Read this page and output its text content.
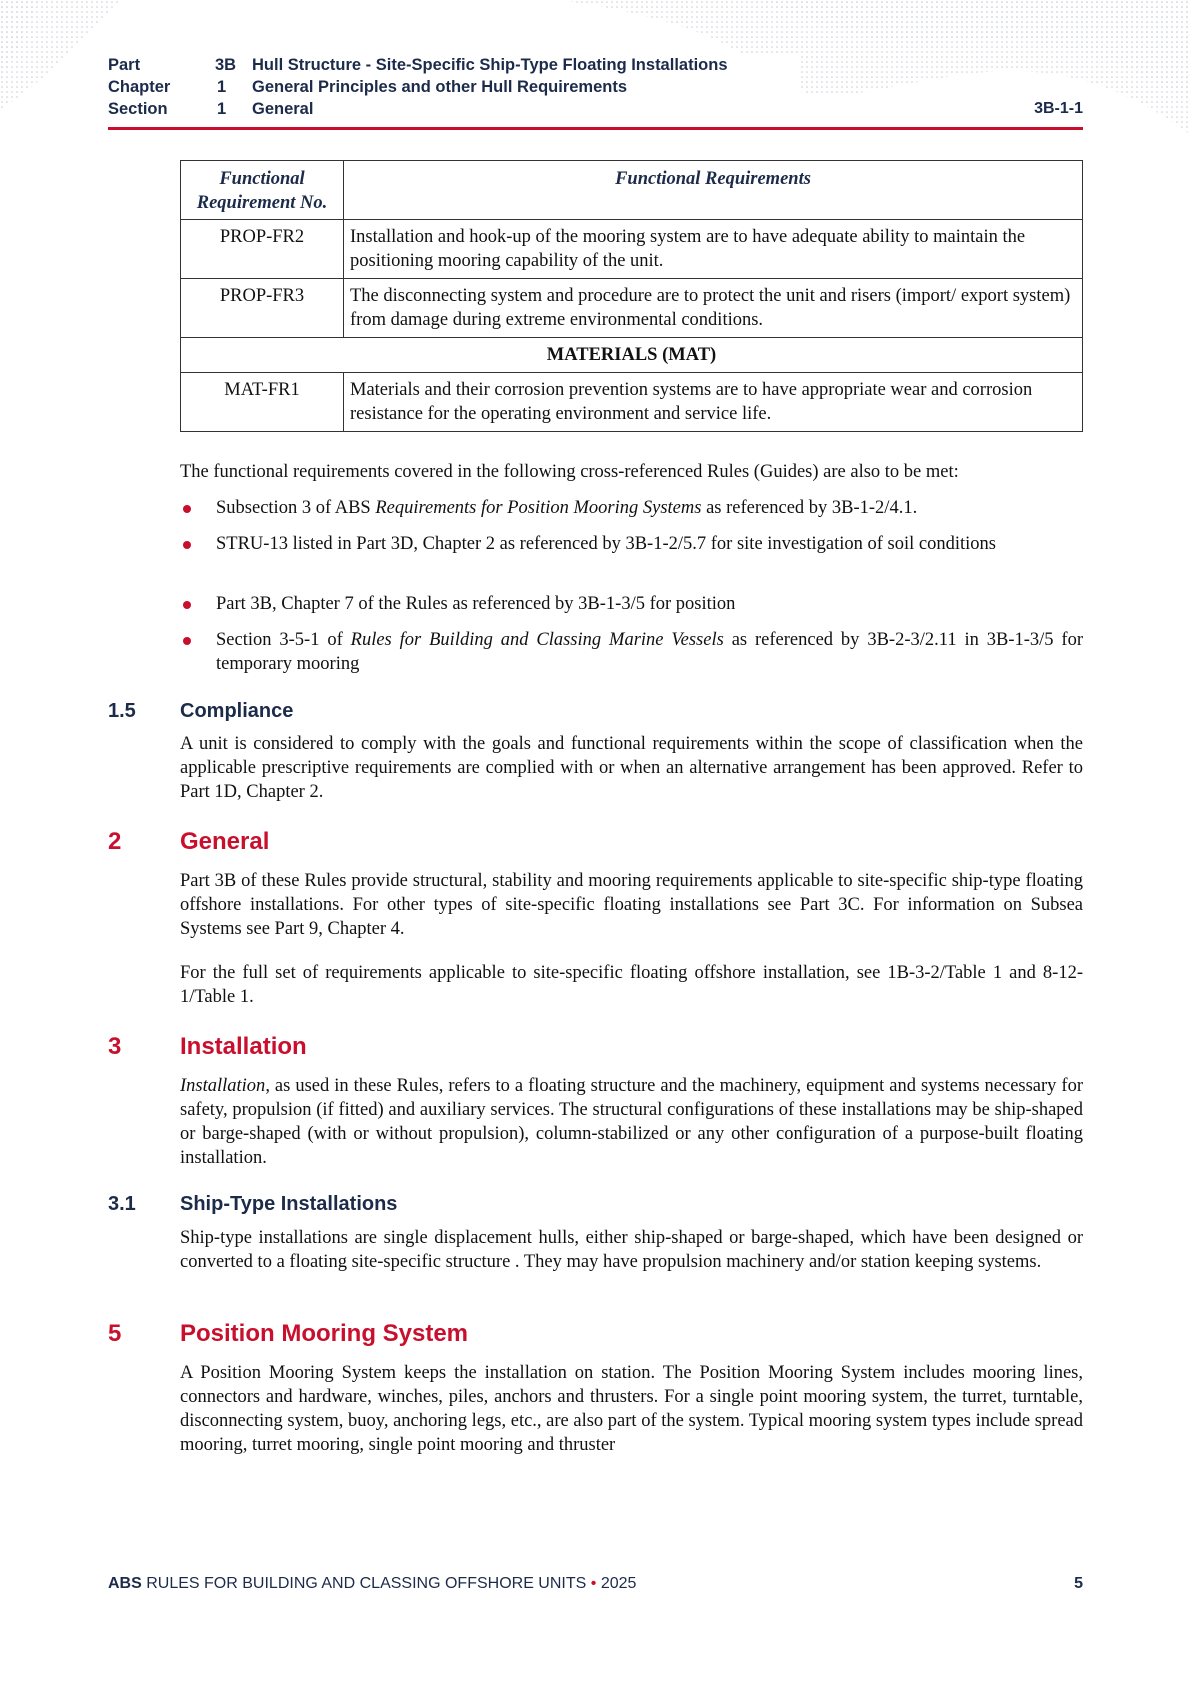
Part	3B Hull Structure - Site-Specific Ship-Type Floating Installations
Chapter	1 General Principles and other Hull Requirements
Section	1 General	3B-1-1
Functional Requirement No.	Functional Requirements
PROP-FR2	Installation and hook-up of the mooring system are to have adequate ability to maintain the positioning mooring capability of the unit.
PROP-FR3	The disconnecting system and procedure are to protect the unit and risers (import/ export system) from damage during extreme environmental conditions.
MATERIALS (MAT)	
MAT-FR1	Materials and their corrosion prevention systems are to have appropriate wear and corrosion resistance for the operating environment and service life.
The functional requirements covered in the following cross-referenced Rules (Guides) are also to be met:
Subsection 3 of ABS Requirements for Position Mooring Systems as referenced by 3B-1-2/4.1.
STRU-13 listed in Part 3D, Chapter 2 as referenced by 3B-1-2/5.7 for site investigation of soil conditions
Part 3B, Chapter 7 of the Rules as referenced by 3B-1-3/5 for position
Section 3-5-1 of Rules for Building and Classing Marine Vessels as referenced by 3B-2-3/2.11 in 3B-1-3/5 for temporary mooring
1.5 Compliance
A unit is considered to comply with the goals and functional requirements within the scope of classification when the applicable prescriptive requirements are complied with or when an alternative arrangement has been approved. Refer to Part 1D, Chapter 2.
2 General
Part 3B of these Rules provide structural, stability and mooring requirements applicable to site-specific ship-type floating offshore installations. For other types of site-specific floating installations see Part 3C. For information on Subsea Systems see Part 9, Chapter 4.
For the full set of requirements applicable to site-specific floating offshore installation, see 1B-3-2/Table 1 and 8-12-1/Table 1.
3 Installation
Installation, as used in these Rules, refers to a floating structure and the machinery, equipment and systems necessary for safety, propulsion (if fitted) and auxiliary services. The structural configurations of these installations may be ship-shaped or barge-shaped (with or without propulsion), column-stabilized or any other configuration of a purpose-built floating installation.
3.1 Ship-Type Installations
Ship-type installations are single displacement hulls, either ship-shaped or barge-shaped, which have been designed or converted to a floating site-specific structure . They may have propulsion machinery and/or station keeping systems.
5 Position Mooring System
A Position Mooring System keeps the installation on station. The Position Mooring System includes mooring lines, connectors and hardware, winches, piles, anchors and thrusters. For a single point mooring system, the turret, turntable, disconnecting system, buoy, anchoring legs, etc., are also part of the system. Typical mooring system types include spread mooring, turret mooring, single point mooring and thruster
ABS RULES FOR BUILDING AND CLASSING OFFSHORE UNITS • 2025	5
